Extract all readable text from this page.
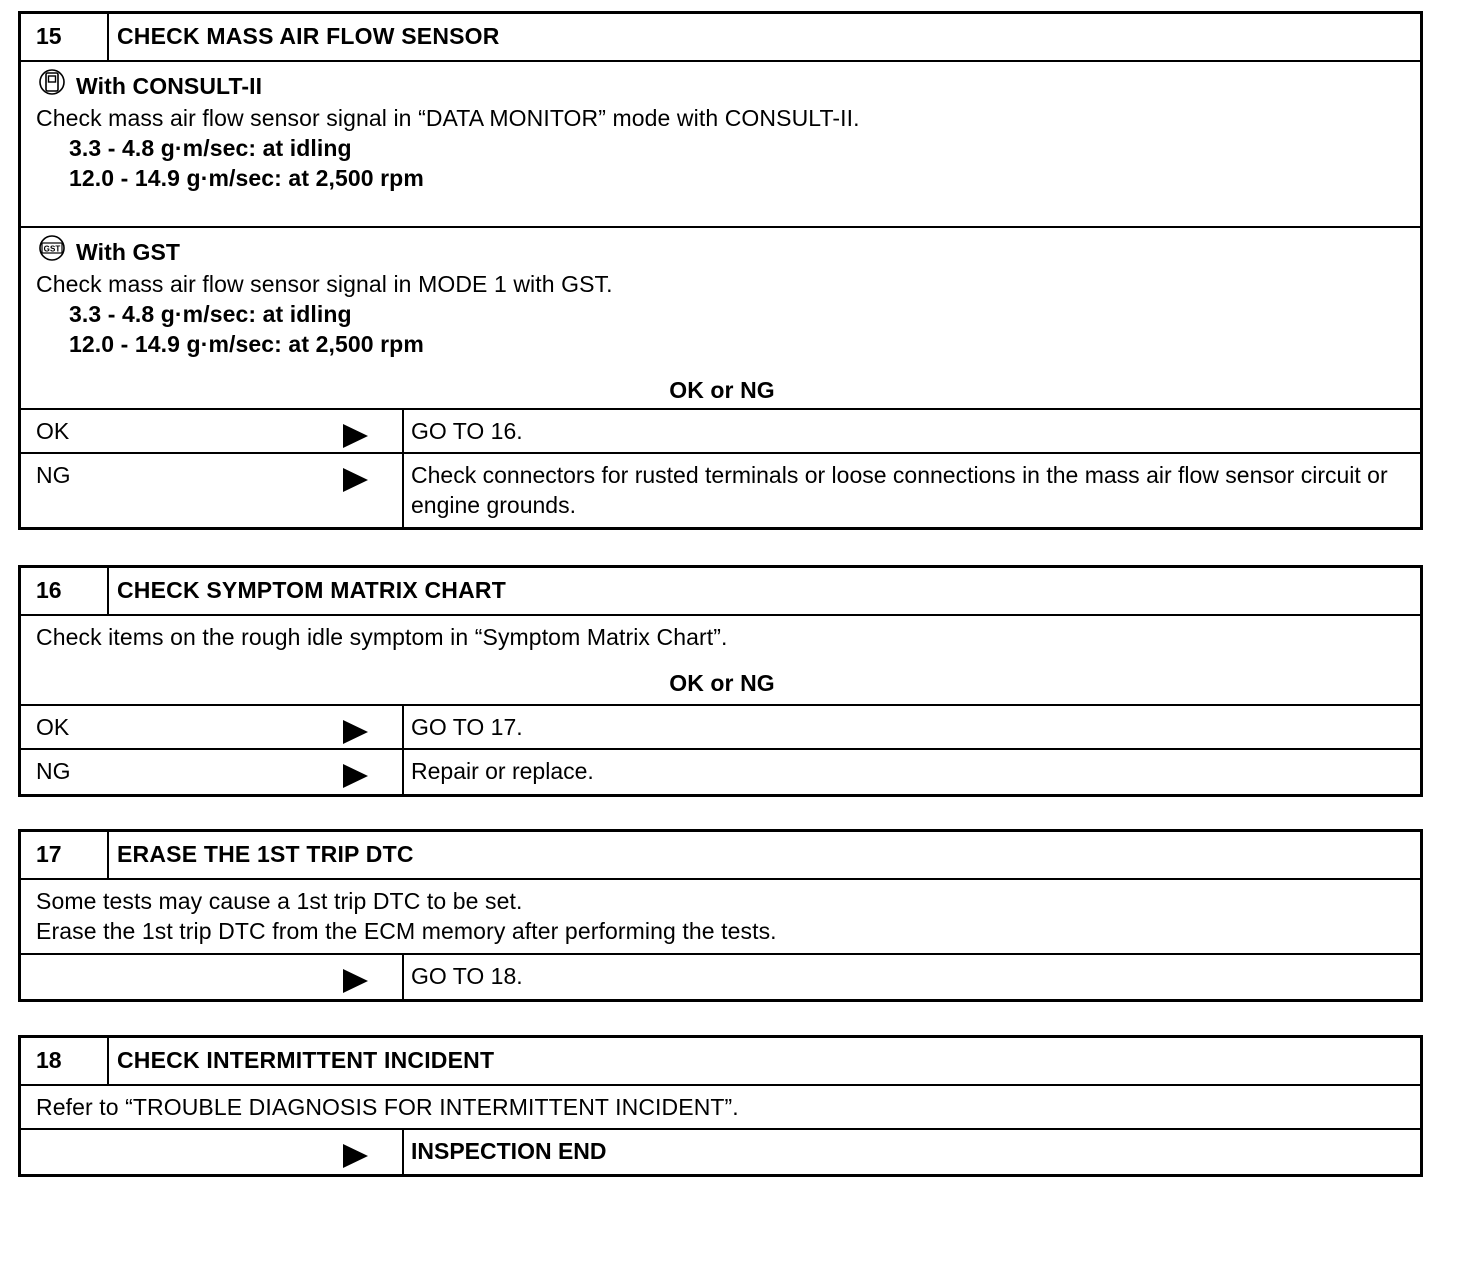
15	CHECK MASS AIR FLOW SENSOR
With CONSULT-II
Check mass air flow sensor signal in “DATA MONITOR” mode with CONSULT-II.
3.3 - 4.8 g·m/sec: at idling
12.0 - 14.9 g·m/sec: at 2,500 rpm
GST With GST
Check mass air flow sensor signal in MODE 1 with GST.
3.3 - 4.8 g·m/sec: at idling
12.0 - 14.9 g·m/sec: at 2,500 rpm
OK or NG
OK	GO TO 16.
NG	Check connectors for rusted terminals or loose connections in the mass air flow sensor circuit or engine grounds.
16	CHECK SYMPTOM MATRIX CHART
Check items on the rough idle symptom in “Symptom Matrix Chart”.
OK or NG
OK	GO TO 17.
NG	Repair or replace.
17	ERASE THE 1ST TRIP DTC
Some tests may cause a 1st trip DTC to be set.
Erase the 1st trip DTC from the ECM memory after performing the tests.
GO TO 18.
18	CHECK INTERMITTENT INCIDENT
Refer to “TROUBLE DIAGNOSIS FOR INTERMITTENT INCIDENT”.
INSPECTION END
